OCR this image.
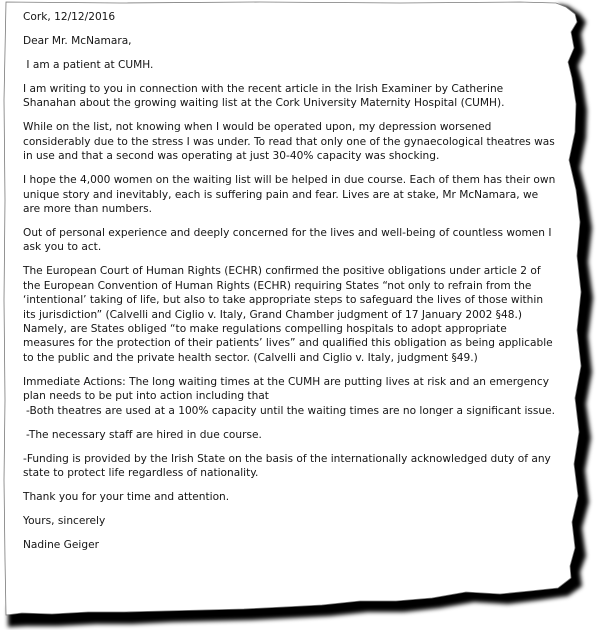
Cork, 12/12/2016

Dear Mr. McNamara,

I am a patient at CUMH.

I am writing to you in connection with the recent article in the Irish Examiner by Catherine Shanahan about the growing waiting list at the Cork University Maternity Hospital (CUMH).

While on the list, not knowing when I would be operated upon, my depression worsened considerably due to the stress I was under. To read that only one of the gynaecological theatres was in use and that a second was operating at just 30-40% capacity was shocking.

I hope the 4,000 women on the waiting list will be helped in due course. Each of them has their own unique story and inevitably, each is suffering pain and fear. Lives are at stake, Mr McNamara, we are more than numbers.

Out of personal experience and deeply concerned for the lives and well-being of countless women I ask you to act.

The European Court of Human Rights (ECHR) confirmed the positive obligations under article 2 of the European Convention of Human Rights (ECHR) requiring States “not only to refrain from the ‘intentional’ taking of life, but also to take appropriate steps to safeguard the lives of those within its jurisdiction” (Calvelli and Ciglio v. Italy, Grand Chamber judgment of 17 January 2002 §48.) Namely, are States obliged “to make regulations compelling hospitals to adopt appropriate measures for the protection of their patients’ lives” and qualified this obligation as being applicable to the public and the private health sector. (Calvelli and Ciglio v. Italy, judgment §49.)

Immediate Actions: The long waiting times at the CUMH are putting lives at risk and an emergency plan needs to be put into action including that

-Both theatres are used at a 100% capacity until the waiting times are no longer a significant issue.

-The necessary staff are hired in due course.

-Funding is provided by the Irish State on the basis of the internationally acknowledged duty of any state to protect life regardless of nationality.

Thank you for your time and attention.

Yours, sincerely

Nadine Geiger
